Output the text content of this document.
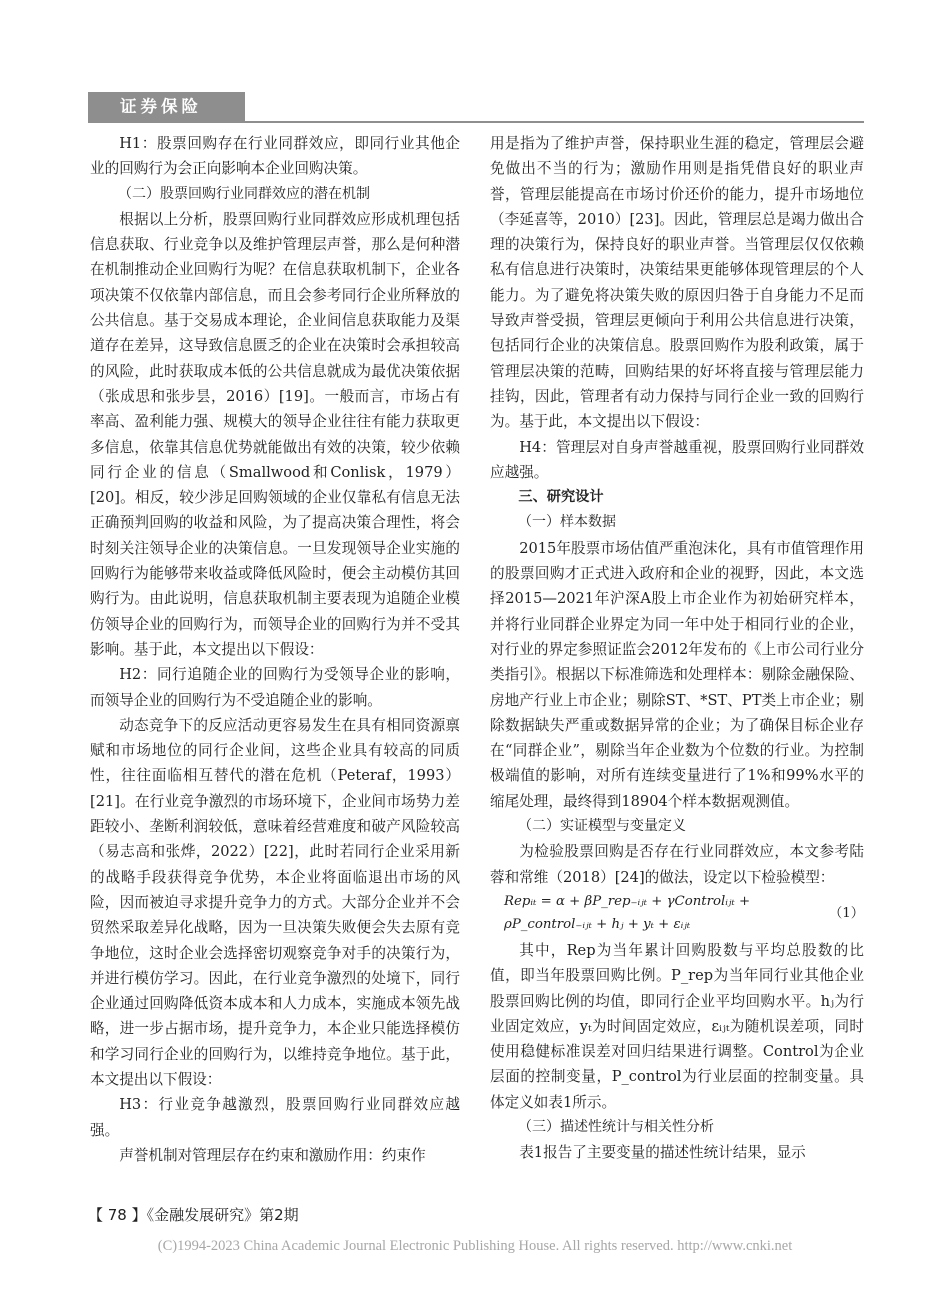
证券保险

H1：股票回购存在行业同群效应，即同行业其他企业的回购行为会正向影响本企业回购决策。

（二）股票回购行业同群效应的潜在机制

根据以上分析，股票回购行业同群效应形成机理包括信息获取、行业竞争以及维护管理层声誉，那么是何种潜在机制推动企业回购行为呢？在信息获取机制下，企业各项决策不仅依靠内部信息，而且会参考同行企业所释放的公共信息。基于交易成本理论，企业间信息获取能力及渠道存在差异，这导致信息匮乏的企业在决策时会承担较高的风险，此时获取成本低的公共信息就成为最优决策依据（张成思和张步昙，2016）[19]。一般而言，市场占有率高、盈利能力强、规模大的领导企业往往有能力获取更多信息，依靠其信息优势就能做出有效的决策，较少依赖同行企业的信息（Smallwood和Conlisk，1979）[20]。相反，较少涉足回购领域的企业仅靠私有信息无法正确预判回购的收益和风险，为了提高决策合理性，将会时刻关注领导企业的决策信息。一旦发现领导企业实施的回购行为能够带来收益或降低风险时，便会主动模仿其回购行为。由此说明，信息获取机制主要表现为追随企业模仿领导企业的回购行为，而领导企业的回购行为并不受其影响。基于此，本文提出以下假设：

H2：同行追随企业的回购行为受领导企业的影响，而领导企业的回购行为不受追随企业的影响。

动态竞争下的反应活动更容易发生在具有相同资源禀赋和市场地位的同行企业间，这些企业具有较高的同质性，往往面临相互替代的潜在危机（Peteraf，1993）[21]。在行业竞争激烈的市场环境下，企业间市场势力差距较小、垄断利润较低，意味着经营难度和破产风险较高（易志高和张烨，2022）[22]，此时若同行企业采用新的战略手段获得竞争优势，本企业将面临退出市场的风险，因而被迫寻求提升竞争力的方式。大部分企业并不会贸然采取差异化战略，因为一旦决策失败便会失去原有竞争地位，这时企业会选择密切观察竞争对手的决策行为，并进行模仿学习。因此，在行业竞争激烈的处境下，同行企业通过回购降低资本成本和人力成本，实施成本领先战略，进一步占据市场，提升竞争力，本企业只能选择模仿和学习同行企业的回购行为，以维持竞争地位。基于此，本文提出以下假设：

H3：行业竞争越激烈，股票回购行业同群效应越强。

声誉机制对管理层存在约束和激励作用：约束作

用是指为了维护声誉，保持职业生涯的稳定，管理层会避免做出不当的行为；激励作用则是指凭借良好的职业声誉，管理层能提高在市场讨价还价的能力，提升市场地位（李延喜等，2010）[23]。因此，管理层总是竭力做出合理的决策行为，保持良好的职业声誉。当管理层仅仅依赖私有信息进行决策时，决策结果更能够体现管理层的个人能力。为了避免将决策失败的原因归咎于自身能力不足而导致声誉受损，管理层更倾向于利用公共信息进行决策，包括同行企业的决策信息。股票回购作为股利政策，属于管理层决策的范畴，回购结果的好坏将直接与管理层能力挂钩，因此，管理者有动力保持与同行企业一致的回购行为。基于此，本文提出以下假设：

H4：管理层对自身声誉越重视，股票回购行业同群效应越强。

三、研究设计

（一）样本数据

2015年股票市场估值严重泡沫化，具有市值管理作用的股票回购才正式进入政府和企业的视野，因此，本文选择2015—2021年沪深A股上市企业作为初始研究样本，并将行业同群企业界定为同一年中处于相同行业的企业，对行业的界定参照证监会2012年发布的《上市公司行业分类指引》。根据以下标准筛选和处理样本：剔除金融保险、房地产行业上市企业；剔除ST、*ST、PT类上市企业；剔除数据缺失严重或数据异常的企业；为了确保目标企业存在“同群企业”，剔除当年企业数为个位数的行业。为控制极端值的影响，对所有连续变量进行了1%和99%水平的缩尾处理，最终得到18904个样本数据观测值。

（二）实证模型与变量定义

为检验股票回购是否存在行业同群效应，本文参考陆蓉和常维（2018）[24]的做法，设定以下检验模型：

Repᵢₜ = α + βP_rep₋ᵢⱼₜ + γControlᵢⱼₜ +
ρP_control₋ᵢⱼₜ + hⱼ + yₜ + εᵢⱼₜ
（1）

其中，Rep为当年累计回购股数与平均总股数的比值，即当年股票回购比例。P_rep为当年同行业其他企业股票回购比例的均值，即同行企业平均回购水平。hⱼ为行业固定效应，yₜ为时间固定效应，εᵢⱼₜ为随机误差项，同时使用稳健标准误差对回归结果进行调整。Control为企业层面的控制变量，P_control为行业层面的控制变量。具体定义如表1所示。

（三）描述性统计与相关性分析

表1报告了主要变量的描述性统计结果，显示

【 78 】《金融发展研究》第2期
(C)1994-2023 China Academic Journal Electronic Publishing House. All rights reserved. http://www.cnki.net
